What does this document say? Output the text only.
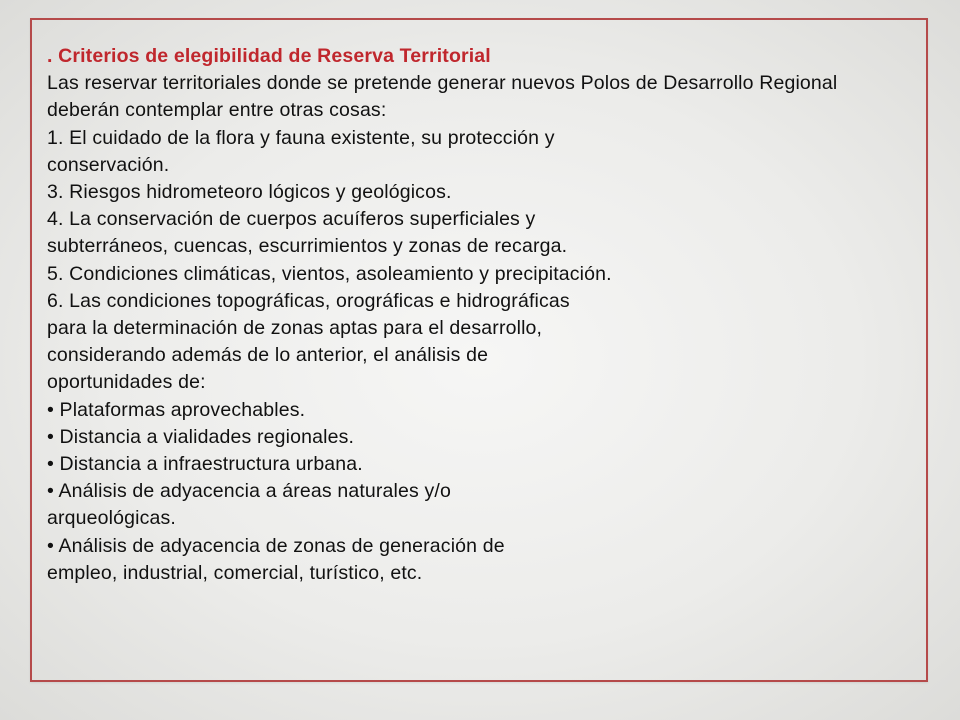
. Criterios de elegibilidad de Reserva Territorial
Las reservar territoriales donde se pretende generar nuevos Polos de Desarrollo Regional
deberán contemplar entre otras cosas:
1. El cuidado de la flora y fauna existente, su protección y
conservación.
3. Riesgos hidrometeoro lógicos y geológicos.
4. La conservación de cuerpos acuíferos superficiales y
subterráneos, cuencas, escurrimientos y zonas de recarga.
5. Condiciones climáticas, vientos, asoleamiento y precipitación.
6. Las condiciones topográficas, orográficas e hidrográficas
para la determinación de zonas aptas para el desarrollo,
considerando además de lo anterior, el análisis de
oportunidades de:
• Plataformas aprovechables.
• Distancia a vialidades regionales.
• Distancia a infraestructura urbana.
• Análisis de adyacencia a áreas naturales y/o
arqueológicas.
• Análisis de adyacencia de zonas de generación de
empleo, industrial, comercial, turístico, etc.
